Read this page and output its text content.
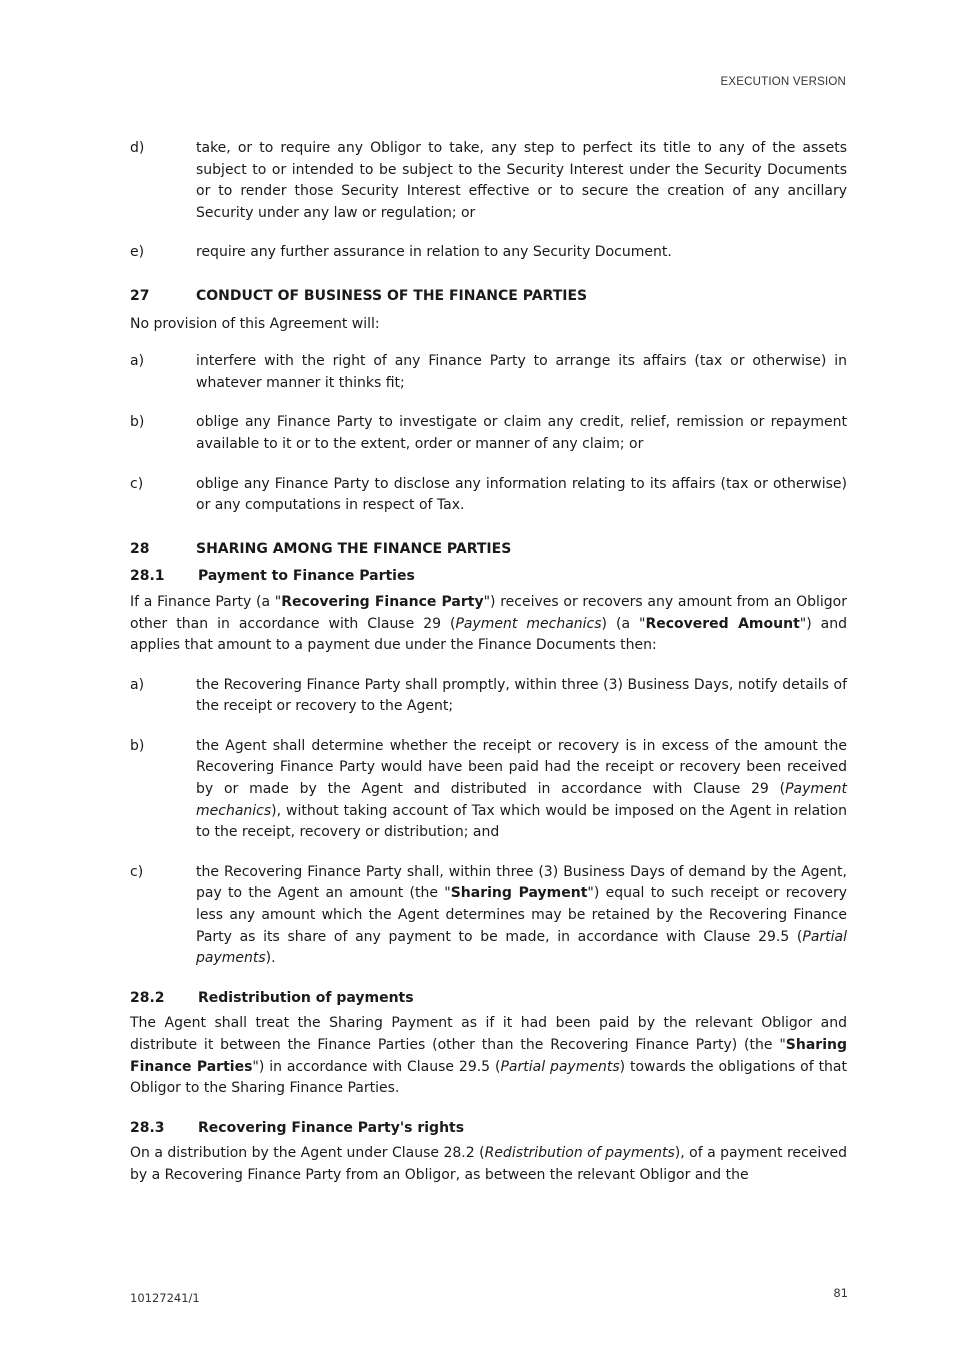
EXECUTION VERSION
d)	take, or to require any Obligor to take, any step to perfect its title to any of the assets subject to or intended to be subject to the Security Interest under the Security Documents or to render those Security Interest effective or to secure the creation of any ancillary Security under any law or regulation; or
e)	require any further assurance in relation to any Security Document.
27	CONDUCT OF BUSINESS OF THE FINANCE PARTIES
No provision of this Agreement will:
a)	interfere with the right of any Finance Party to arrange its affairs (tax or otherwise) in whatever manner it thinks fit;
b)	oblige any Finance Party to investigate or claim any credit, relief, remission or repayment available to it or to the extent, order or manner of any claim; or
c)	oblige any Finance Party to disclose any information relating to its affairs (tax or otherwise) or any computations in respect of Tax.
28	SHARING AMONG THE FINANCE PARTIES
28.1 Payment to Finance Parties
If a Finance Party (a "Recovering Finance Party") receives or recovers any amount from an Obligor other than in accordance with Clause 29 (Payment mechanics) (a "Recovered Amount") and applies that amount to a payment due under the Finance Documents then:
a)	the Recovering Finance Party shall promptly, within three (3) Business Days, notify details of the receipt or recovery to the Agent;
b)	the Agent shall determine whether the receipt or recovery is in excess of the amount the Recovering Finance Party would have been paid had the receipt or recovery been received by or made by the Agent and distributed in accordance with Clause 29 (Payment mechanics), without taking account of Tax which would be imposed on the Agent in relation to the receipt, recovery or distribution; and
c)	the Recovering Finance Party shall, within three (3) Business Days of demand by the Agent, pay to the Agent an amount (the "Sharing Payment") equal to such receipt or recovery less any amount which the Agent determines may be retained by the Recovering Finance Party as its share of any payment to be made, in accordance with Clause 29.5 (Partial payments).
28.2 Redistribution of payments
The Agent shall treat the Sharing Payment as if it had been paid by the relevant Obligor and distribute it between the Finance Parties (other than the Recovering Finance Party) (the "Sharing Finance Parties") in accordance with Clause 29.5 (Partial payments) towards the obligations of that Obligor to the Sharing Finance Parties.
28.3 Recovering Finance Party's rights
On a distribution by the Agent under Clause 28.2 (Redistribution of payments), of a payment received by a Recovering Finance Party from an Obligor, as between the relevant Obligor and the
10127241/1	81
